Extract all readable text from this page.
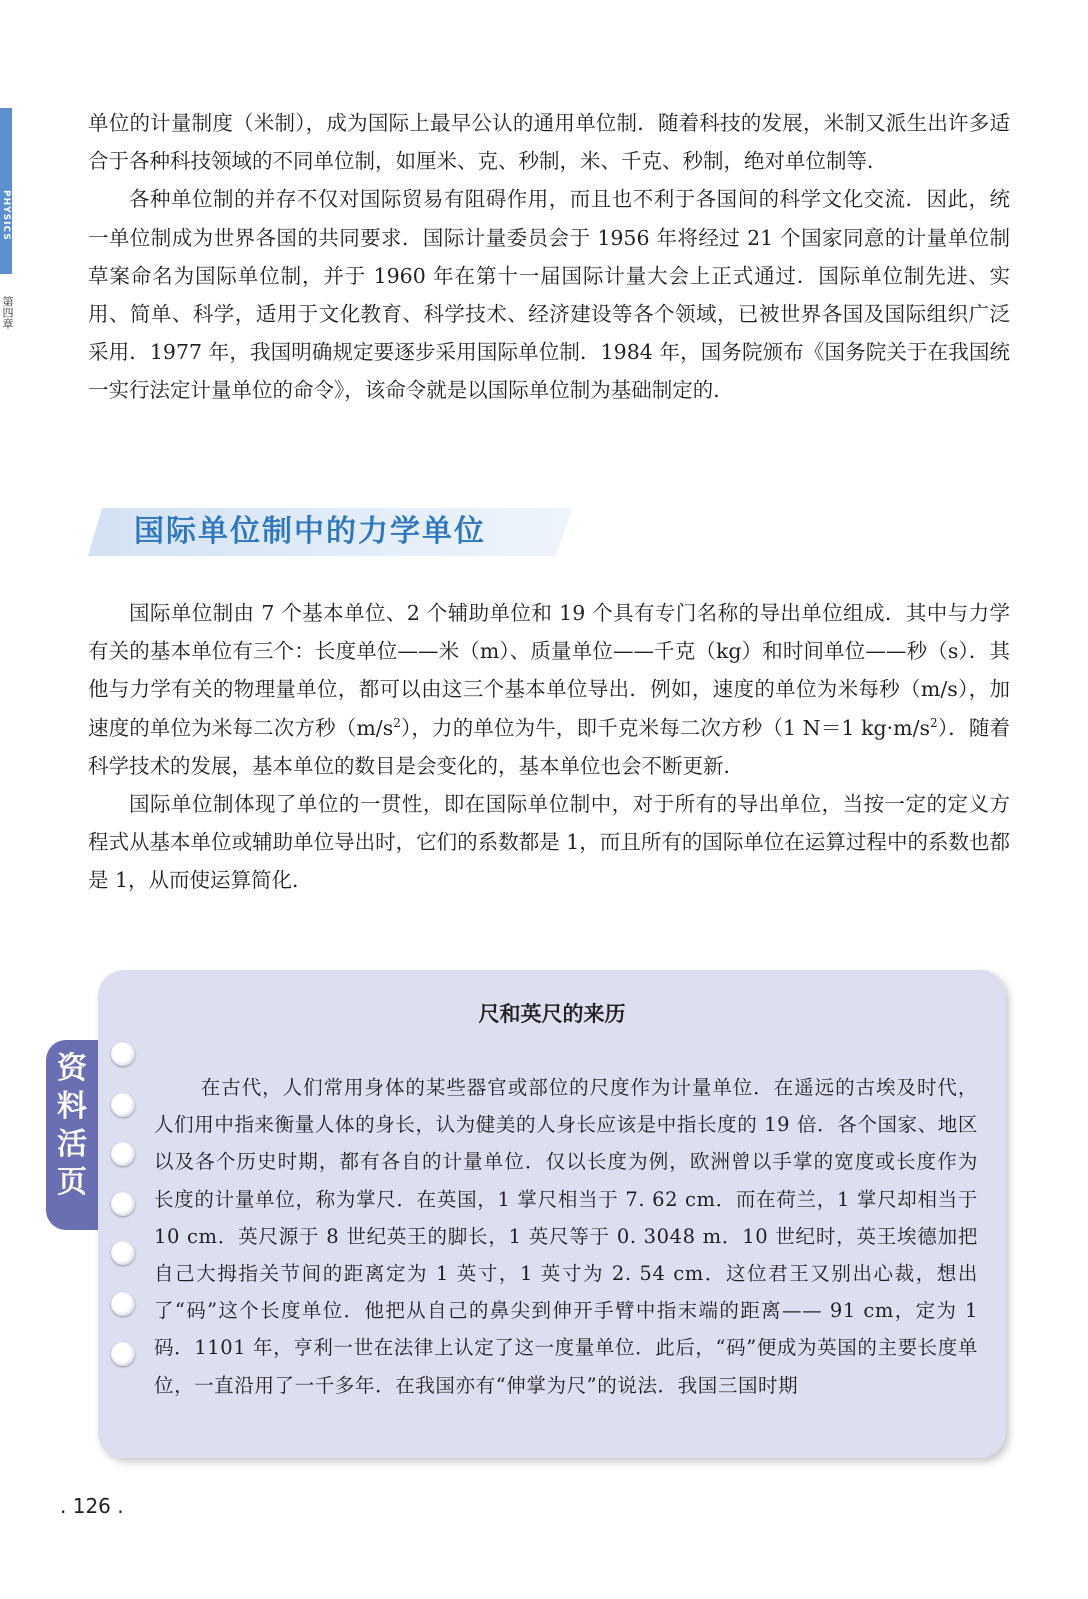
PHYSICS
第四章

单位的计量制度（米制），成为国际上最早公认的通用单位制．随着科技的发展，米制又派生出许多适合于各种科技领域的不同单位制，如厘米、克、秒制，米、千克、秒制，绝对单位制等．

各种单位制的并存不仅对国际贸易有阻碍作用，而且也不利于各国间的科学文化交流．因此，统一单位制成为世界各国的共同要求．国际计量委员会于 1956 年将经过 21 个国家同意的计量单位制草案命名为国际单位制，并于 1960 年在第十一届国际计量大会上正式通过．国际单位制先进、实用、简单、科学，适用于文化教育、科学技术、经济建设等各个领域，已被世界各国及国际组织广泛采用．1977 年，我国明确规定要逐步采用国际单位制．1984 年，国务院颁布《国务院关于在我国统一实行法定计量单位的命令》，该命令就是以国际单位制为基础制定的．

国际单位制中的力学单位

国际单位制由 7 个基本单位、2 个辅助单位和 19 个具有专门名称的导出单位组成．其中与力学有关的基本单位有三个：长度单位——米（m）、质量单位——千克（kg）和时间单位——秒（s）．其他与力学有关的物理量单位，都可以由这三个基本单位导出．例如，速度的单位为米每秒（m/s），加速度的单位为米每二次方秒$(m/s^2)$，力的单位为牛，即千克米每二次方秒（1 N＝1 $kg\cdot m/s^2$）．随着科学技术的发展，基本单位的数目是会变化的，基本单位也会不断更新．

国际单位制体现了单位的一贯性，即在国际单位制中，对于所有的导出单位，当按一定的定义方程式从基本单位或辅助单位导出时，它们的系数都是 1，而且所有的国际单位在运算过程中的系数也都是 1，从而使运算简化．

资
料
活
页
尺和英尺的来历
在古代，人们常用身体的某些器官或部位的尺度作为计量单位．在遥远的古埃及时代，人们用中指来衡量人体的身长，认为健美的人身长应该是中指长度的 19 倍．各个国家、地区以及各个历史时期，都有各自的计量单位．仅以长度为例，欧洲曾以手掌的宽度或长度作为长度的计量单位，称为掌尺．在英国，1 掌尺相当于 7. 62 cm．而在荷兰，1 掌尺却相当于 10 cm．英尺源于 8 世纪英王的脚长，1 英尺等于 0. 3048 m．10 世纪时，英王埃德加把自己大拇指关节间的距离定为 1 英寸，1 英寸为 2. 54 cm．这位君王又别出心裁，想出了“码”这个长度单位．他把从自己的鼻尖到伸开手臂中指末端的距离—— 91 cm，定为 1 码．1101 年，亨利一世在法律上认定了这一度量单位．此后，“码”便成为英国的主要长度单位，一直沿用了一千多年．在我国亦有“伸掌为尺”的说法．我国三国时期
. 126 .
